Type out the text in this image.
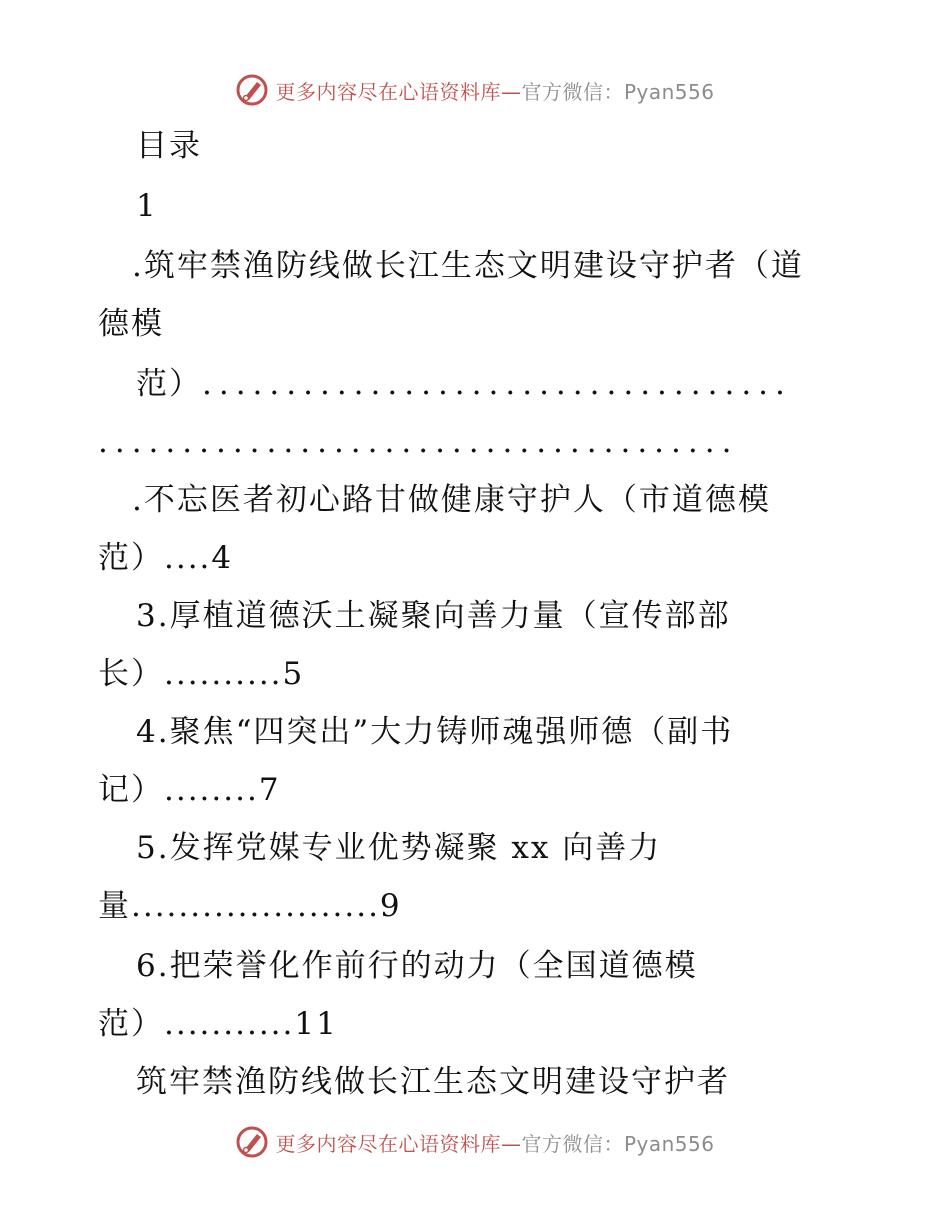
更多内容尽在心语资料库—官方微信：Pyan556
目录
1
.筑牢禁渔防线做长江生态文明建设守护者（道
德模
范）...................................
......................................
.不忘医者初心路甘做健康守护人（市道德模
范）....4
3.厚植道德沃土凝聚向善力量（宣传部部
长）..........5
4.聚焦“四突出”大力铸师魂强师德（副书
记）........7
5.发挥党媒专业优势凝聚 xx 向善力
量.....................9
6.把荣誉化作前行的动力（全国道德模
范）...........11
筑牢禁渔防线做长江生态文明建设守护者
更多内容尽在心语资料库—官方微信：Pyan556
